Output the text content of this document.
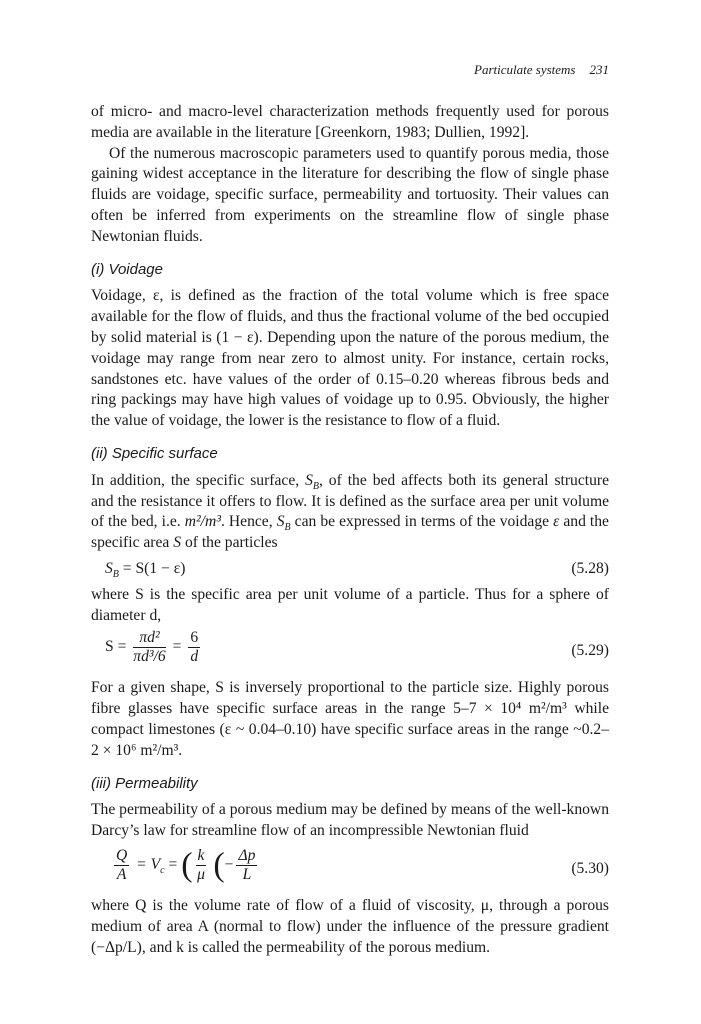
Particulate systems 231

of micro- and macro-level characterization methods frequently used for porous media are available in the literature [Greenkorn, 1983; Dullien, 1992].

Of the numerous macroscopic parameters used to quantify porous media, those gaining widest acceptance in the literature for describing the flow of single phase fluids are voidage, specific surface, permeability and tortuosity. Their values can often be inferred from experiments on the streamline flow of single phase Newtonian fluids.

(i) Voidage

Voidage, ε, is defined as the fraction of the total volume which is free space available for the flow of fluids, and thus the fractional volume of the bed occupied by solid material is (1 − ε). Depending upon the nature of the porous medium, the voidage may range from near zero to almost unity. For instance, certain rocks, sandstones etc. have values of the order of 0.15–0.20 whereas fibrous beds and ring packings may have high values of voidage up to 0.95. Obviously, the higher the value of voidage, the lower is the resistance to flow of a fluid.

(ii) Specific surface

In addition, the specific surface, $S_B$, of the bed affects both its general structure and the resistance it offers to flow. It is defined as the surface area per unit volume of the bed, i.e. m²/m³. Hence, $S_B$ can be expressed in terms of the voidage ε and the specific area S of the particles

$S_B = S(1 - \varepsilon)$	(5.28)

where S is the specific area per unit volume of a particle. Thus for a sphere of diameter d,

$S = \frac{\text{πd²}}{\text{πd³/6}} = \frac{6}{d}$	(5.29)

For a given shape, S is inversely proportional to the particle size. Highly porous fibre glasses have specific surface areas in the range 5–7 × 10⁴ m²/m³ while compact limestones (ε ~ 0.04–0.10) have specific surface areas in the range ~0.2–2 × 10⁶ m²/m³.

(iii) Permeability

The permeability of a porous medium may be defined by means of the well-known Darcy’s law for streamline flow of an incompressible Newtonian fluid

$\frac{Q}{A} = V_c$ = ( $\frac{k}{\mu}$ (− $\frac{\Delta p}{L}$	(5.30)

where Q is the volume rate of flow of a fluid of viscosity, μ, through a porous medium of area A (normal to flow) under the influence of the pressure gradient (−Δp/L), and k is called the permeability of the porous medium.
